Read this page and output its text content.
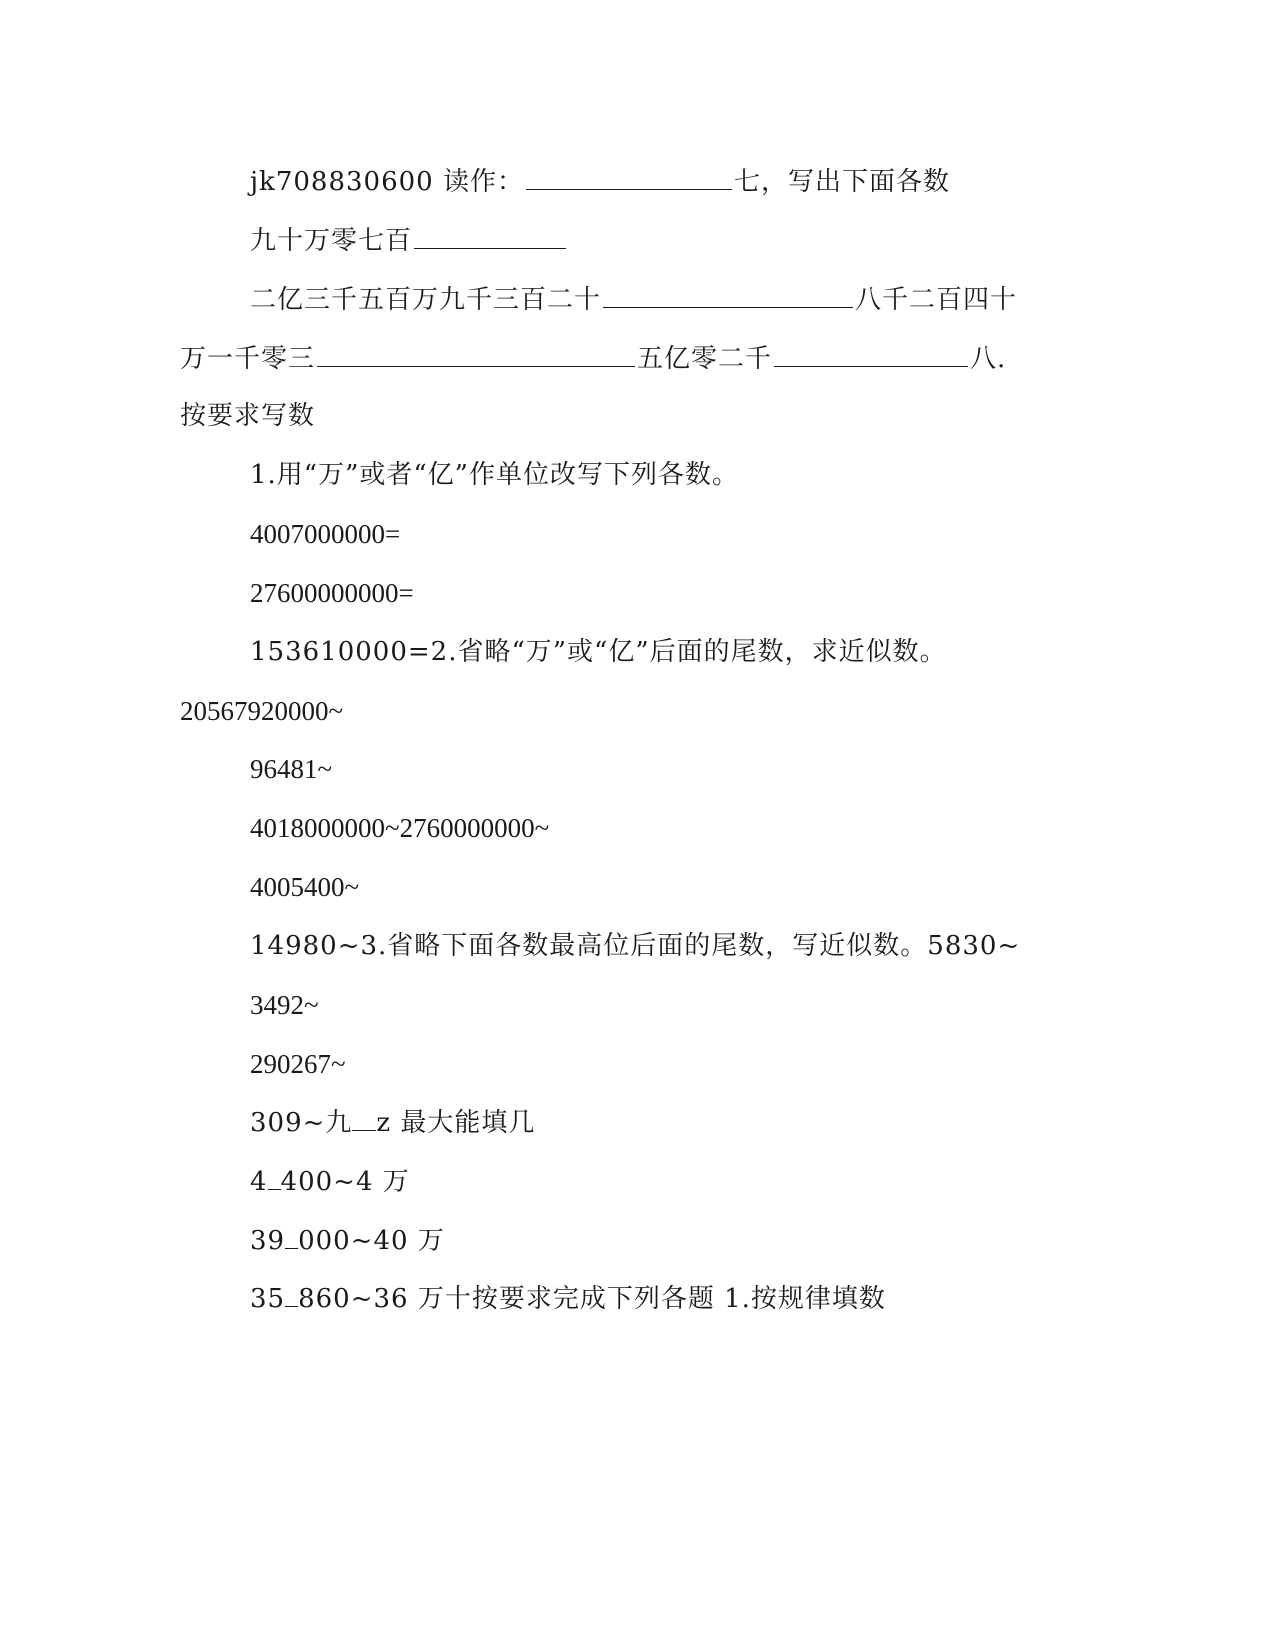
jk708830600 读作：	七，写出下面各数
九十万零七百
二亿三千五百万九千三百二十	八千二百四十
万一千零三	五亿零二千	八.
按要求写数
1.用“万”或者“亿”作单位改写下列各数。
4007000000=
27600000000=
153610000=2.省略“万”或“亿”后面的尾数，求近似数。
20567920000~
96481~
4018000000~2760000000~
4005400~
14980~3.省略下面各数最高位后面的尾数，写近似数。5830~
3492~
290267~
309~九 z 最大能填几
4 400~4 万
39 000~40 万
35 860~36 万十按要求完成下列各题 1.按规律填数
